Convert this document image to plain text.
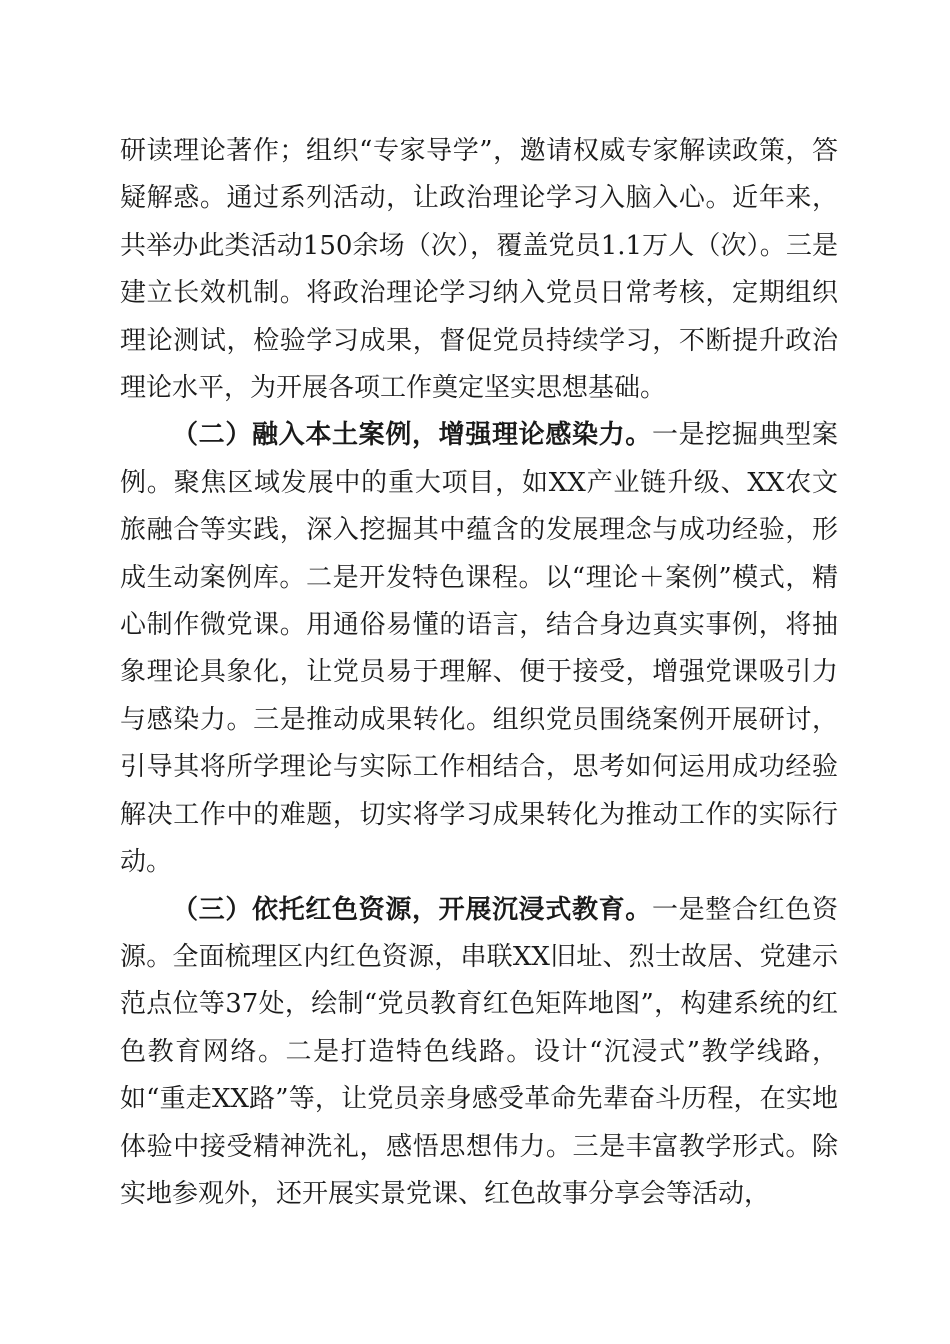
研读理论著作；组织“专家导学”，邀请权威专家解读政策，答疑解惑。通过系列活动，让政治理论学习入脑入心。近年来，共举办此类活动150余场（次），覆盖党员1.1万人（次）。三是建立长效机制。将政治理论学习纳入党员日常考核，定期组织理论测试，检验学习成果，督促党员持续学习，不断提升政治理论水平，为开展各项工作奠定坚实思想基础。

（二）融入本土案例，增强理论感染力。一是挖掘典型案例。聚焦区域发展中的重大项目，如XX产业链升级、XX农文旅融合等实践，深入挖掘其中蕴含的发展理念与成功经验，形成生动案例库。二是开发特色课程。以“理论＋案例”模式，精心制作微党课。用通俗易懂的语言，结合身边真实事例，将抽象理论具象化，让党员易于理解、便于接受，增强党课吸引力与感染力。三是推动成果转化。组织党员围绕案例开展研讨，引导其将所学理论与实际工作相结合，思考如何运用成功经验解决工作中的难题，切实将学习成果转化为推动工作的实际行动。

（三）依托红色资源，开展沉浸式教育。一是整合红色资源。全面梳理区内红色资源，串联XX旧址、烈士故居、党建示范点位等37处，绘制“党员教育红色矩阵地图”，构建系统的红色教育网络。二是打造特色线路。设计“沉浸式”教学线路，如“重走XX路”等，让党员亲身感受革命先辈奋斗历程，在实地体验中接受精神洗礼，感悟思想伟力。三是丰富教学形式。除实地参观外，还开展实景党课、红色故事分享会等活动，
